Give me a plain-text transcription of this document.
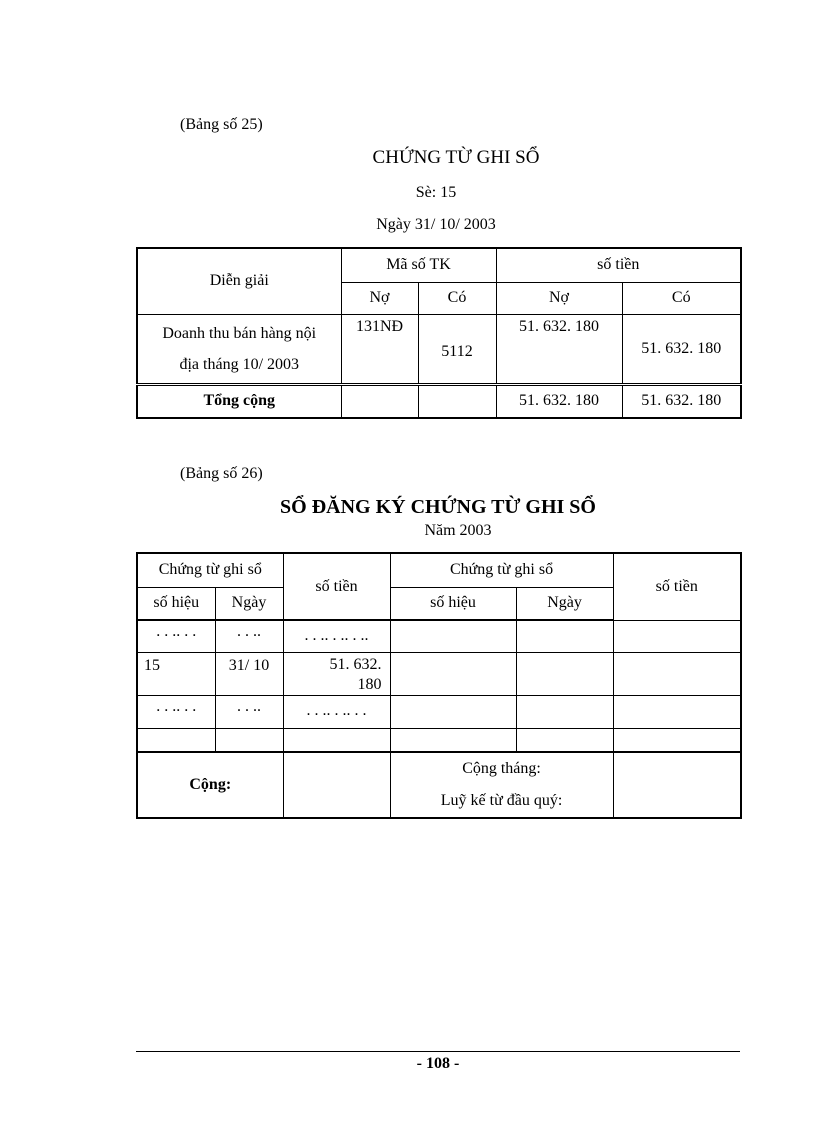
(Bảng số 25)
CHỨNG TỪ GHI SỔ
Sè: 15
Ngày 31/ 10/ 2003
Diễn giải	Mã số TK		số tiền	
	Nợ	Có	Nợ	Có

Doanh thu bán hàng nội
địa tháng 10/ 2003	131NĐ	5112	51. 632. 180	51. 632. 180
Tổng cộng			51. 632. 180	51. 632. 180
(Bảng số 26)
SỔ ĐĂNG KÝ CHỨNG TỪ GHI SỔ
Năm 2003
Chứng từ ghi sổ		số tiền	Chứng từ ghi sổ		số tiền
số hiệu	Ngày		số hiệu	Ngày	
. . .. . .	. . ..	. . .. . .. . ..			
15	31/ 10	51. 632.
180			

. . .. . .	. . ..	. . .. . .. . .			

Cộng:			Cộng tháng:
Luỹ kế từ đầu quý:		

- 108 -
